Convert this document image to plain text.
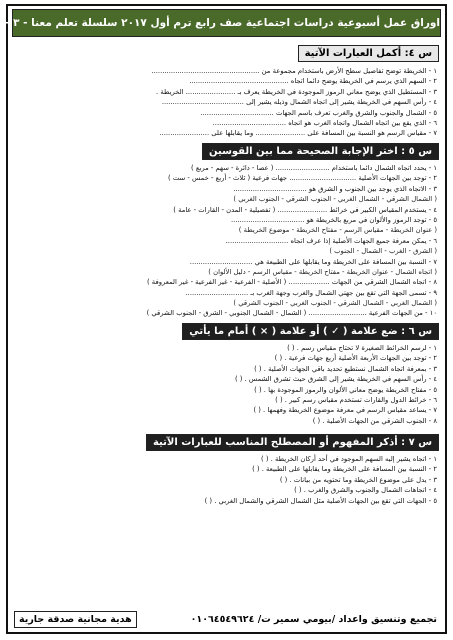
اوراق عمل أسبوعية دراسات اجتماعية صف رابع ترم أول ٢٠١٧ سلسلة تعلم معنا - ٣ -
س ٤: أكمل العبارات الآتية
١ - الخريطة توضح تفاصيل سطح الأرض باستخدام مجموعة من ..................................................
٢ - السهم الذي يرسم في الخريطة يوضح دائما اتجاه ..............................................
٣ - المستطيل الذي يوضح معاني الرموز الموجودة في الخريطة يعرف بـ ....................... الخريطة .
٤ - رأس السهم في الخريطة يشير إلى اتجاه الشمال وذيله يشير إلى ......................................
٥ - الشمال والجنوب والشرق والغرب تعرف باسم الجهات ..................................
٦ - الذي يقع بين اتجاه الشمال واتجاه الغرب هو اتجاه ..................................
٧ - مقياس الرسم هو النسبة بين المسافة على ....................... وما يقابلها على .......................
س ٥ : اختر الإجابة الصحيحة مما بين القوسين
١ - يحدد اتجاه الشمال دائما باستخدام ......................... ( عصا - دائرة - سهم - مربع )
٢ - توجد بين الجهات الأصلية ............................... جهات فرعية ( ثلاث - أربع - خمس - ست )
٣ - الاتجاه الذي يوجد بين الجنوب و الشرق هو ..................................
( الشمال الشرقي - الشمال الغربي - الجنوب الشرقي - الجنوب الغربي )
٤ - يستخدم المقياس الكبير في خرائط ....................... ( تفصيلية - المدن - القارات - عامة )
٥ - توجد الرموز والألوان في مربع بالخريطة هو ..................................
( عنوان الخريطة - مقياس الرسم - مفتاح الخريطة - موضوع الخريطة )
٦ - يمكن معرفة جميع الجهات الأصلية إذا عرف اتجاه .............................
( الشرق - الغرب - الشمال - الجنوب )
٧ - النسبة بين المسافة على الخريطة وما يقابلها على الطبيعة هي .............................
( اتجاه الشمال - عنوان الخريطة - مفتاح الخريطة - مقياس الرسم - دليل الألوان )
٨ - اتجاه الشمال الشرقي من الجهات ................... ( الأصلية - الفرعية - غير الفرعية - غير المعروفة )
٩ - تسمى الجهة التي تقع بين جهتي الشمال والغرب وجهة الغرب بـ .............................
( الشمال الغربي - الشمال الشرقي - الجنوب الغربي - الجنوب الشرقي )
١٠ - من الجهات الفرعية ........................... ( الشمال - الشمال الجنوبي - الشرق - الجنوب الشرقي )
س ٦ : ضع علامة ( ✓ ) أو علامة ( × ) أمام ما يأتي
١ - لرسم الخرائط الصغيرة لا تحتاج مقياس رسم . ( )
٢ - توجد بين الجهات الأربعة الأصلية أربع جهات فرعية . ( )
٣ - بمعرفة اتجاه الشمال نستطيع تحديد باقي الجهات الأصلية . ( )
٤ - رأس السهم في الخريطة يشير إلى الشرق حيث تشرق الشمس . ( )
٥ - مفتاح الخريطة يوضح معاني الألوان والرموز الموجودة بها . ( )
٦ - خرائط الدول والقارات تستخدم مقياس رسم كبير . ( )
٧ - يساعد مقياس الرسم في معرفة موضوع الخريطة وفهمها . ( )
٨ - الجنوب الشرقي من الجهات الأصلية . ( )
س ٧ : أذكر المفهوم أو المصطلح المناسب للعبارات الآتية
١ - اتجاه يشير إليه السهم الموجود في أحد أركان الخريطة . ( )
٢ - النسبة بين المسافة على الخريطة وما يقابلها على الطبيعة . ( )
٣ - يدل على موضوع الخريطة وما تحتويه من بيانات . ( )
٤ - اتجاهات الشمال والجنوب والشرق والغرب . ( )
٥ - الجهات التي تقع بين الجهات الأصلية مثل الشمال الشرقي والشمال الغربي . ( )
تجميع وتنسيق واعداد /بيومي سمير ت/ ٠١٠٦٤٥٤٩٦٢٤
هدية مجانية صدقة جارية
